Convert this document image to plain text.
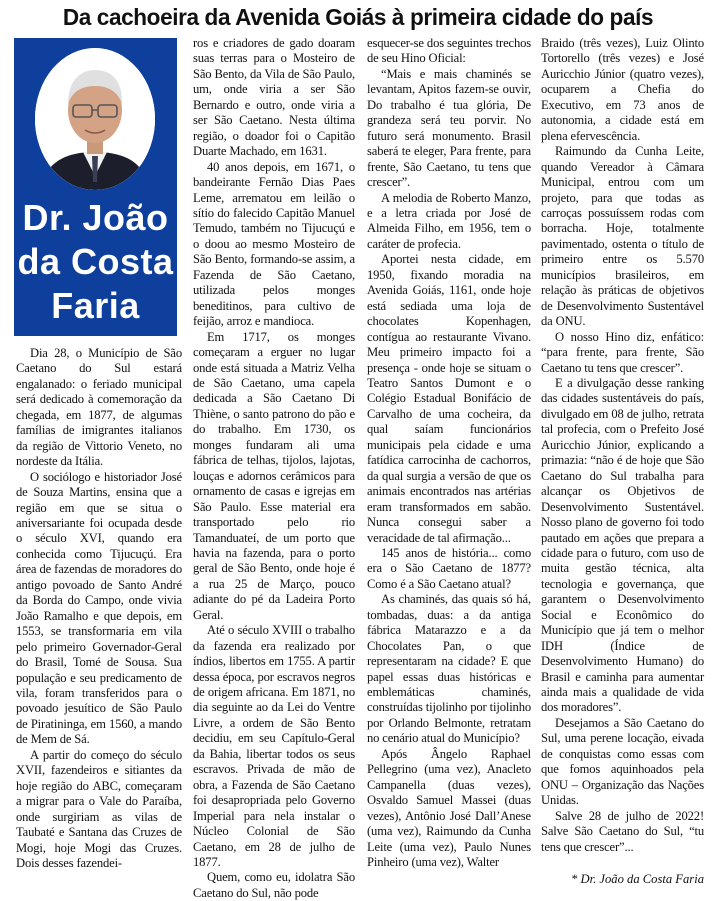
Da cachoeira da Avenida Goiás à primeira cidade do país
Dr. João
da Costa
Faria

Dia 28, o Município de São Caetano do Sul estará engalanado: o feriado municipal será dedicado à comemoração da chegada, em 1877, de algumas famílias de imigrantes italianos da região de Vittorio Veneto, no nordeste da Itália.

O sociólogo e historiador José de Souza Martins, ensina que a região em que se situa o aniversariante foi ocupada desde o século XVI, quando era conhecida como Tijucuçú. Era área de fazendas de moradores do antigo povoado de Santo André da Borda do Campo, onde vivia João Ramalho e que depois, em 1553, se transformaria em vila pelo primeiro Governador-Geral do Brasil, Tomé de Sousa. Sua população e seu predicamento de vila, foram transferidos para o povoado jesuítico de São Paulo de Piratininga, em 1560, a mando de Mem de Sá.

A partir do começo do século XVII, fazendeiros e sitiantes da hoje região do ABC, começaram a migrar para o Vale do Paraíba, onde surgiriam as vilas de Taubaté e Santana das Cruzes de Mogi, hoje Mogi das Cruzes. Dois desses fazendei-

ros e criadores de gado doaram suas terras para o Mosteiro de São Bento, da Vila de São Paulo, um, onde viria a ser São Bernardo e outro, onde viria a ser São Caetano. Nesta última região, o doador foi o Capitão Duarte Machado, em 1631.

40 anos depois, em 1671, o bandeirante Fernão Dias Paes Leme, arrematou em leilão o sítio do falecido Capitão Manuel Temudo, também no Tijucuçú e o doou ao mesmo Mosteiro de São Bento, formando-se assim, a Fazenda de São Caetano, utilizada pelos monges beneditinos, para cultivo de feijão, arroz e mandioca.

Em 1717, os monges começaram a erguer no lugar onde está situada a Matriz Velha de São Caetano, uma capela dedicada a São Caetano Di Thiène, o santo patrono do pão e do trabalho. Em 1730, os monges fundaram ali uma fábrica de telhas, tijolos, lajotas, louças e adornos cerâmicos para ornamento de casas e igrejas em São Paulo. Esse material era transportado pelo rio Tamanduateí, de um porto que havia na fazenda, para o porto geral de São Bento, onde hoje é a rua 25 de Março, pouco adiante do pé da Ladeira Porto Geral.

Até o século XVIII o trabalho da fazenda era realizado por índios, libertos em 1755. A partir dessa época, por escravos negros de origem africana. Em 1871, no dia seguinte ao da Lei do Ventre Livre, a ordem de São Bento decidiu, em seu Capítulo-Geral da Bahia, libertar todos os seus escravos. Privada de mão de obra, a Fazenda de São Caetano foi desapropriada pelo Governo Imperial para nela instalar o Núcleo Colonial de São Caetano, em 28 de julho de 1877.

Quem, como eu, idolatra São Caetano do Sul, não pode

esquecer-se dos seguintes trechos de seu Hino Oficial:

“Mais e mais chaminés se levantam, Apitos fazem-se ouvir, Do trabalho é tua glória, De grandeza será teu porvir. No futuro será monumento. Brasil saberá te eleger, Para frente, para frente, São Caetano, tu tens que crescer”.

A melodia de Roberto Manzo, e a letra criada por José de Almeida Filho, em 1956, tem o caráter de profecia.

Aportei nesta cidade, em 1950, fixando moradia na Avenida Goiás, 1161, onde hoje está sediada uma loja de chocolates Kopenhagen, contígua ao restaurante Vivano. Meu primeiro impacto foi a presença - onde hoje se situam o Teatro Santos Dumont e o Colégio Estadual Bonifácio de Carvalho de uma cocheira, da qual saíam funcionários municipais pela cidade e uma fatídica carrocinha de cachorros, da qual surgia a versão de que os animais encontrados nas artérias eram transformados em sabão. Nunca consegui saber a veracidade de tal afirmação...

145 anos de história... como era o São Caetano de 1877? Como é a São Caetano atual?

As chaminés, das quais só há, tombadas, duas: a da antiga fábrica Matarazzo e a da Chocolates Pan, o que representaram na cidade? E que papel essas duas históricas e emblemáticas chaminés, construídas tijolinho por tijolinho por Orlando Belmonte, retratam no cenário atual do Município?

Após Ângelo Raphael Pellegrino (uma vez), Anacleto Campanella (duas vezes), Osvaldo Samuel Massei (duas vezes), Antônio José Dall’Anese (uma vez), Raimundo da Cunha Leite (uma vez), Paulo Nunes Pinheiro (uma vez), Walter

Braido (três vezes), Luiz Olinto Tortorello (três vezes) e José Auricchio Júnior (quatro vezes), ocuparem a Chefia do Executivo, em 73 anos de autonomia, a cidade está em plena efervescência.

Raimundo da Cunha Leite, quando Vereador à Câmara Municipal, entrou com um projeto, para que todas as carroças possuíssem rodas com borracha. Hoje, totalmente pavimentado, ostenta o título de primeiro entre os 5.570 municípios brasileiros, em relação às práticas de objetivos de Desenvolvimento Sustentável da ONU.

O nosso Hino diz, enfático: “para frente, para frente, São Caetano tu tens que crescer”.

E a divulgação desse ranking das cidades sustentáveis do país, divulgado em 08 de julho, retrata tal profecia, com o Prefeito José Auricchio Júnior, explicando a primazia: “não é de hoje que São Caetano do Sul trabalha para alcançar os Objetivos de Desenvolvimento Sustentável. Nosso plano de governo foi todo pautado em ações que prepara a cidade para o futuro, com uso de muita gestão técnica, alta tecnologia e governança, que garantem o Desenvolvimento Social e Econômico do Município que já tem o melhor IDH (Índice de Desenvolvimento Humano) do Brasil e caminha para aumentar ainda mais a qualidade de vida dos moradores”.

Desejamos a São Caetano do Sul, uma perene locação, eivada de conquistas como essas com que fomos aquinhoados pela ONU – Organização das Nações Unidas.

Salve 28 de julho de 2022! Salve São Caetano do Sul, “tu tens que crescer”...

* Dr. João da Costa Faria
